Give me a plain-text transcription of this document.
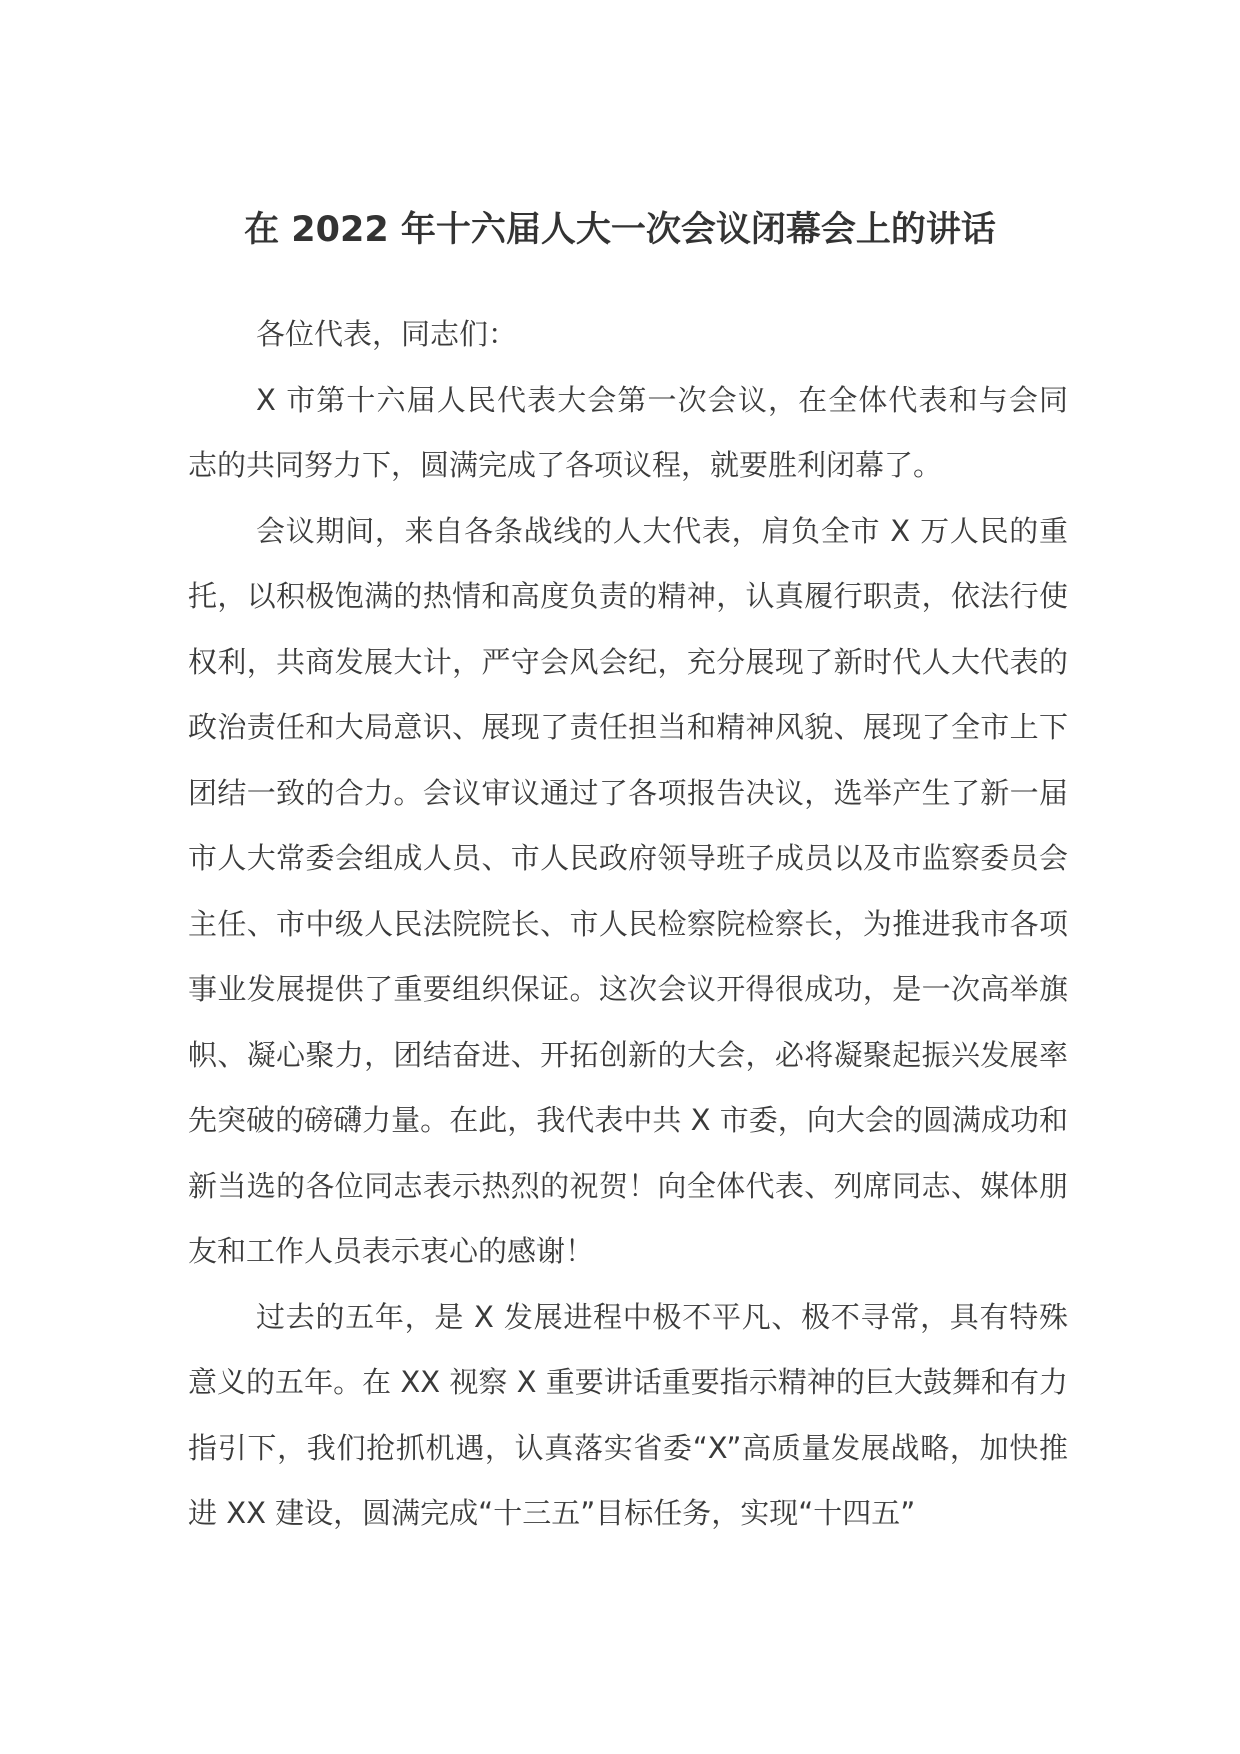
在 2022 年十六届人大一次会议闭幕会上的讲话

各位代表，同志们：

X 市第十六届人民代表大会第一次会议，在全体代表和与会同志的共同努力下，圆满完成了各项议程，就要胜利闭幕了。

会议期间，来自各条战线的人大代表，肩负全市 X 万人民的重托，以积极饱满的热情和高度负责的精神，认真履行职责，依法行使权利，共商发展大计，严守会风会纪，充分展现了新时代人大代表的政治责任和大局意识、展现了责任担当和精神风貌、展现了全市上下团结一致的合力。会议审议通过了各项报告决议，选举产生了新一届市人大常委会组成人员、市人民政府领导班子成员以及市监察委员会主任、市中级人民法院院长、市人民检察院检察长，为推进我市各项事业发展提供了重要组织保证。这次会议开得很成功，是一次高举旗帜、凝心聚力，团结奋进、开拓创新的大会，必将凝聚起振兴发展率先突破的磅礴力量。在此，我代表中共 X 市委，向大会的圆满成功和新当选的各位同志表示热烈的祝贺！向全体代表、列席同志、媒体朋友和工作人员表示衷心的感谢！

过去的五年，是 X 发展进程中极不平凡、极不寻常，具有特殊意义的五年。在 XX 视察 X 重要讲话重要指示精神的巨大鼓舞和有力指引下，我们抢抓机遇，认真落实省委“X”高质量发展战略，加快推进 XX 建设，圆满完成“十三五”目标任务，实现“十四五”
